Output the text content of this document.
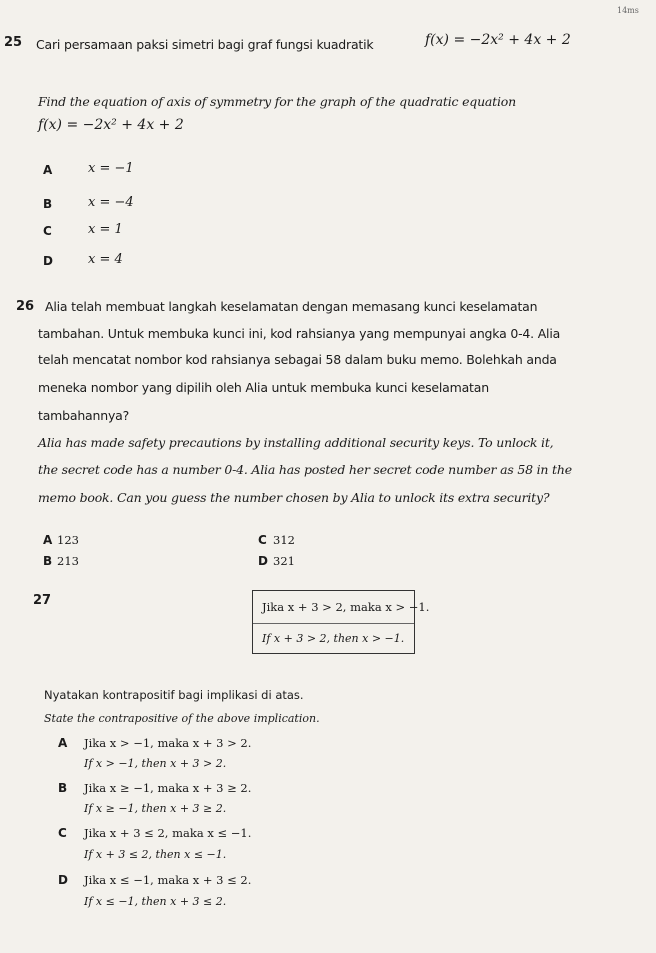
14ms
25 Cari persamaan paksi simetri bagi graf fungsi kuadratik	f(x) = −2x² + 4x + 2
Find the equation of axis of symmetry for the graph of the quadratic equation
f(x) = −2x² + 4x + 2
A	x = −1
B	x = −4
C	x = 1
D	x = 4
26 Alia telah membuat langkah keselamatan dengan memasang kunci keselamatan
tambahan. Untuk membuka kunci ini, kod rahsianya yang mempunyai angka 0-4. Alia
telah mencatat nombor kod rahsianya sebagai 58 dalam buku memo. Bolehkah anda
meneka nombor yang dipilih oleh Alia untuk membuka kunci keselamatan
tambahannya?
Alia has made safety precautions by installing additional security keys. To unlock it,
the secret code has a number 0-4. Alia has posted her secret code number as 58 in the
memo book. Can you guess the number chosen by Alia to unlock its extra security?
A 123	C 312
B 213	D 321
27	Jika x + 3 > 2, maka x > −1.
If x + 3 > 2, then x > −1.
Nyatakan kontrapositif bagi implikasi di atas.
State the contrapositive of the above implication.
A Jika x > −1, maka x + 3 > 2.
If x > −1, then x + 3 > 2.
B Jika x ≥ −1, maka x + 3 ≥ 2.
If x ≥ −1, then x + 3 ≥ 2.
C Jika x + 3 ≤ 2, maka x ≤ −1.
If x + 3 ≤ 2, then x ≤ −1.
D Jika x ≤ −1, maka x + 3 ≤ 2.
If x ≤ −1, then x + 3 ≤ 2.
